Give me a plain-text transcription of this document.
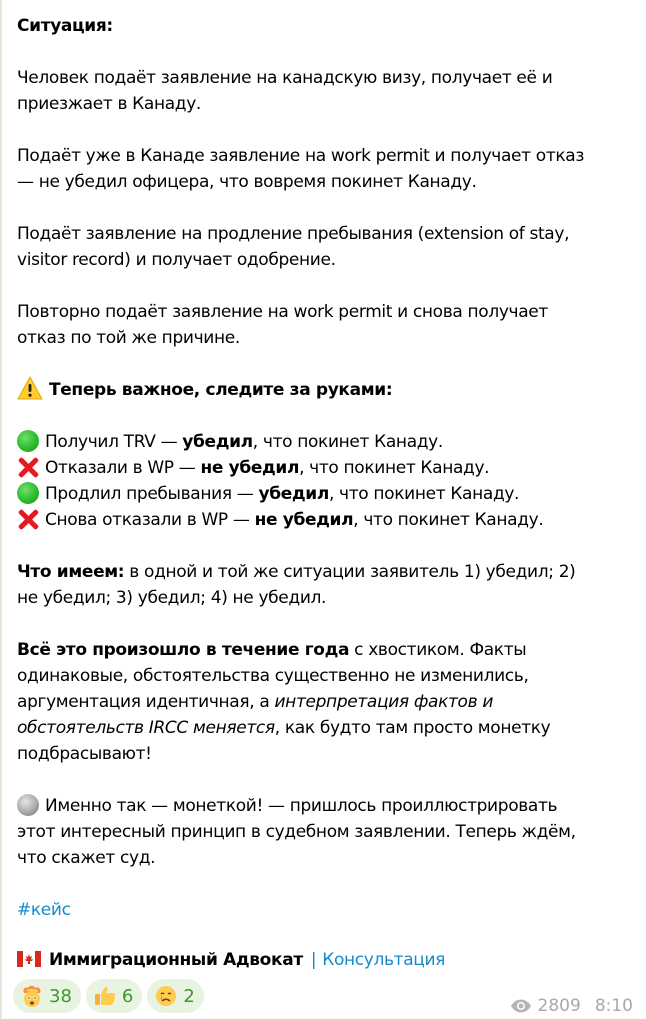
Ситуация:

Человек подаёт заявление на канадскую визу, получает её и
приезжает в Канаду.

Подаёт уже в Канаде заявление на work permit и получает отказ
— не убедил офицера, что вовремя покинет Канаду.

Подаёт заявление на продление пребывания (extension of stay,
visitor record) и получает одобрение.

Повторно подаёт заявление на work permit и снова получает
отказ по той же причине.

Теперь важное, следите за руками:

Получил TRV — убедил, что покинет Канаду.
Отказали в WP — не убедил, что покинет Канаду.
Продлил пребывания — убедил, что покинет Канаду.
Снова отказали в WP — не убедил, что покинет Канаду.

Что имеем: в одной и той же ситуации заявитель 1) убедил; 2)
не убедил; 3) убедил; 4) не убедил.

Всё это произошло в течение года с хвостиком. Факты
одинаковые, обстоятельства существенно не изменились,
аргументация идентичная, а интерпретация фактов и
обстоятельств IRCC меняется, как будто там просто монетку
подбрасывают!

Именно так — монеткой! — пришлось проиллюстрировать
этот интересный принцип в судебном заявлении. Теперь ждём,
что скажет суд.

#кейс

Иммиграционный Адвокат | Консультация
38	6	2	2809 8:10
